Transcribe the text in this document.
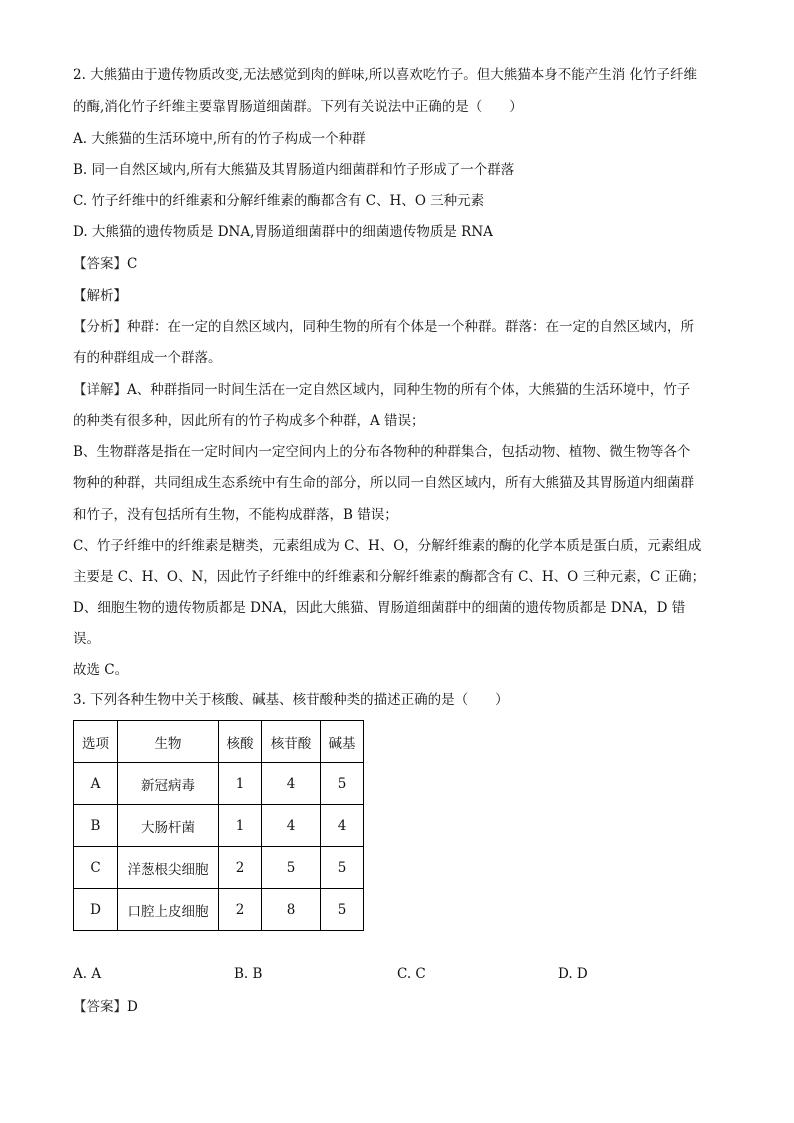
2. 大熊猫由于遗传物质改变,无法感觉到肉的鲜味,所以喜欢吃竹子。但大熊猫本身不能产生消 化竹子纤维
的酶,消化竹子纤维主要靠胃肠道细菌群。下列有关说法中正确的是（　　）
A. 大熊猫的生活环境中,所有的竹子构成一个种群
B. 同一自然区域内,所有大熊猫及其胃肠道内细菌群和竹子形成了一个群落
C. 竹子纤维中的纤维素和分解纤维素的酶都含有 C、H、O 三种元素
D. 大熊猫的遗传物质是 DNA,胃肠道细菌群中的细菌遗传物质是 RNA
【答案】C
【解析】
【分析】种群：在一定的自然区域内，同种生物的所有个体是一个种群。群落：在一定的自然区域内，所
有的种群组成一个群落。
【详解】A、种群指同一时间生活在一定自然区域内，同种生物的所有个体，大熊猫的生活环境中，竹子
的种类有很多种，因此所有的竹子构成多个种群，A 错误；
B、生物群落是指在一定时间内一定空间内上的分布各物种的种群集合，包括动物、植物、微生物等各个
物种的种群，共同组成生态系统中有生命的部分，所以同一自然区域内，所有大熊猫及其胃肠道内细菌群
和竹子，没有包括所有生物，不能构成群落，B 错误；
C、竹子纤维中的纤维素是糖类，元素组成为 C、H、O，分解纤维素的酶的化学本质是蛋白质，元素组成
主要是 C、H、O、N，因此竹子纤维中的纤维素和分解纤维素的酶都含有 C、H、O 三种元素，C 正确；
D、细胞生物的遗传物质都是 DNA，因此大熊猫、胃肠道细菌群中的细菌的遗传物质都是 DNA，D 错
误。
故选 C。
3. 下列各种生物中关于核酸、碱基、核苷酸种类的描述正确的是（　　）
选项	生物	核酸	核苷酸	碱基
A	新冠病毒	1	4	5
B	大肠杆菌	1	4	4
C	洋葱根尖细胞	2	5	5
D	口腔上皮细胞	2	8	5
A. A	B. B	C. C	D. D
【答案】D
